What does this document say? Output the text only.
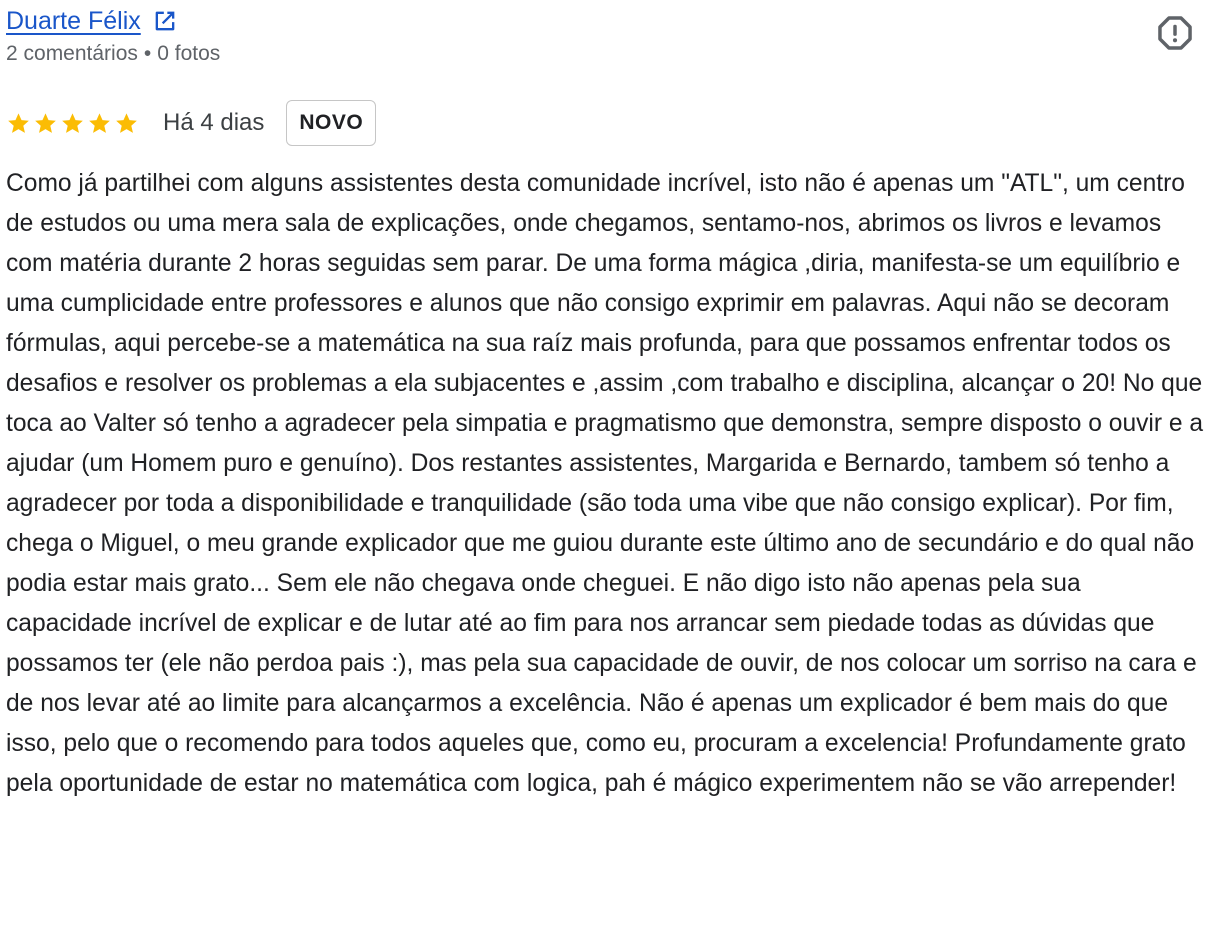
Duarte Félix
2 comentários • 0 fotos
Há 4 dias	NOVO

Como já partilhei com alguns assistentes desta comunidade incrível, isto não é apenas um "ATL", um centro de estudos ou uma mera sala de explicações, onde chegamos, sentamo-nos, abrimos os livros e levamos com matéria durante 2 horas seguidas sem parar. De uma forma mágica ,diria, manifesta-se um equilíbrio e uma cumplicidade entre professores e alunos que não consigo exprimir em palavras. Aqui não se decoram fórmulas, aqui percebe-se a matemática na sua raíz mais profunda, para que possamos enfrentar todos os desafios e resolver os problemas a ela subjacentes e ,assim ,com trabalho e disciplina, alcançar o 20! No que toca ao Valter só tenho a agradecer pela simpatia e pragmatismo que demonstra, sempre disposto o ouvir e a ajudar (um Homem puro e genuíno). Dos restantes assistentes, Margarida e Bernardo, tambem só tenho a agradecer por toda a disponibilidade e tranquilidade (são toda uma vibe que não consigo explicar). Por fim, chega o Miguel, o meu grande explicador que me guiou durante este último ano de secundário e do qual não podia estar mais grato... Sem ele não chegava onde cheguei. E não digo isto não apenas pela sua capacidade incrível de explicar e de lutar até ao fim para nos arrancar sem piedade todas as dúvidas que possamos ter (ele não perdoa pais :), mas pela sua capacidade de ouvir, de nos colocar um sorriso na cara e de nos levar até ao limite para alcançarmos a excelência. Não é apenas um explicador é bem mais do que isso, pelo que o recomendo para todos aqueles que, como eu, procuram a excelencia! Profundamente grato pela oportunidade de estar no matemática com logica, pah é mágico experimentem não se vão arrepender!
